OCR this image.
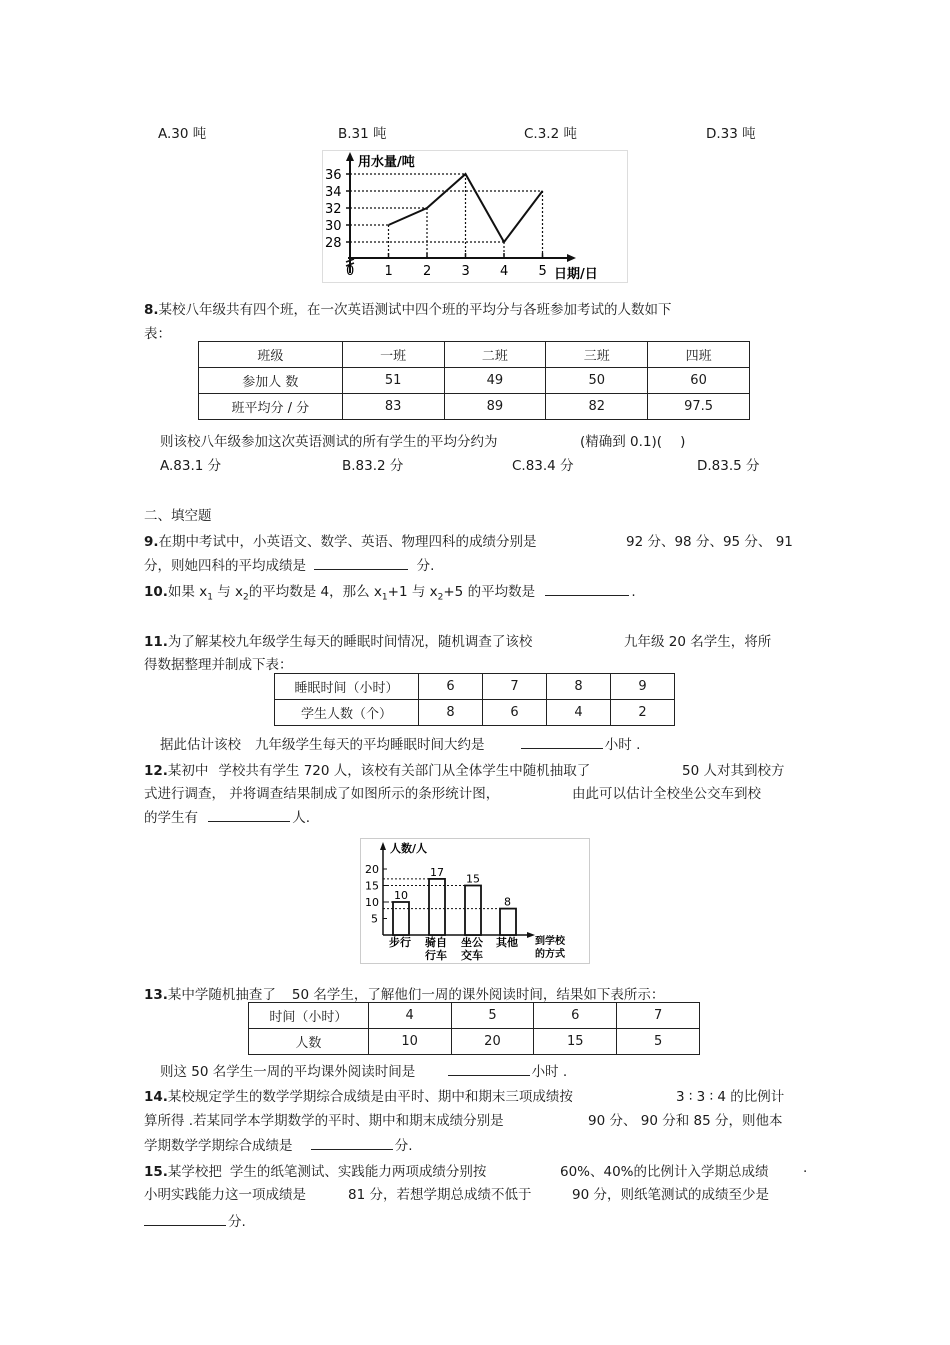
A.30 吨	B.31 吨	C.3.2 吨	D.33 吨
用水量/吨
日期/日
28
30
32
34
36
0 1 2 3 4 5
8.某校八年级共有四个班，在一次英语测试中四个班的平均分与各班参加考试的人数如下
表：
班级	一班	二班	三班	四班
参加人 数	51	49	50	60
班平均分 / 分	83	89	82	97.5
则该校八年级参加这次英语测试的所有学生的平均分约为	(精确到 0.1)( )
A.83.1 分	B.83.2 分	C.83.4 分	D.83.5 分
二、填空题
9.在期中考试中，小英语文、数学、英语、物理四科的成绩分别是	92 分、98 分、95 分、 91
分，则她四科的平均成绩是	分.
10.如果 $x_1$ 与 $x_2$的平均数是 4，那么 $x_1+1$ 与 $x_2+5$ 的平均数是	.
11.为了解某校九年级学生每天的睡眠时间情况，随机调查了该校	九年级 20 名学生，将所
得数据整理并制成下表：
睡眠时间（小时）	6	7	8	9
学生人数（个）	8	6	4	2
据此估计该校 九年级学生每天的平均睡眠时间大约是	小时 .
12.某初中 学校共有学生 720 人，该校有关部门从全体学生中随机抽取了	50 人对其到校方
式进行调查， 并将调查结果制成了如图所示的条形统计图，	由此可以估计全校坐公交车到校
的学生有	人.
人数/人
到学校 的方式
5
10
15
20
10
17
15
8
步行 骑自
行车
坐公
交车
其他
13.某中学随机抽查了 50 名学生，了解他们一周的课外阅读时间，结果如下表所示：
时间（小时）	4	5	6	7
人数	10	20	15	5
则这 50 名学生一周的平均课外阅读时间是	小时 .
14.某校规定学生的数学学期综合成绩是由平时、期中和期末三项成绩按	3 ∶ 3 ∶ 4 的比例计
算所得 .若某同学本学期数学的平时、期中和期末成绩分别是	90 分、 90 分和 85 分，则他本
学期数学学期综合成绩是	分.
15.某学校把 学生的纸笔测试、实践能力两项成绩分别按	60%、40%的比例计入学期总成绩	.
小明实践能力这一项成绩是	81 分，若想学期总成绩不低于	90 分，则纸笔测试的成绩至少是
分.
